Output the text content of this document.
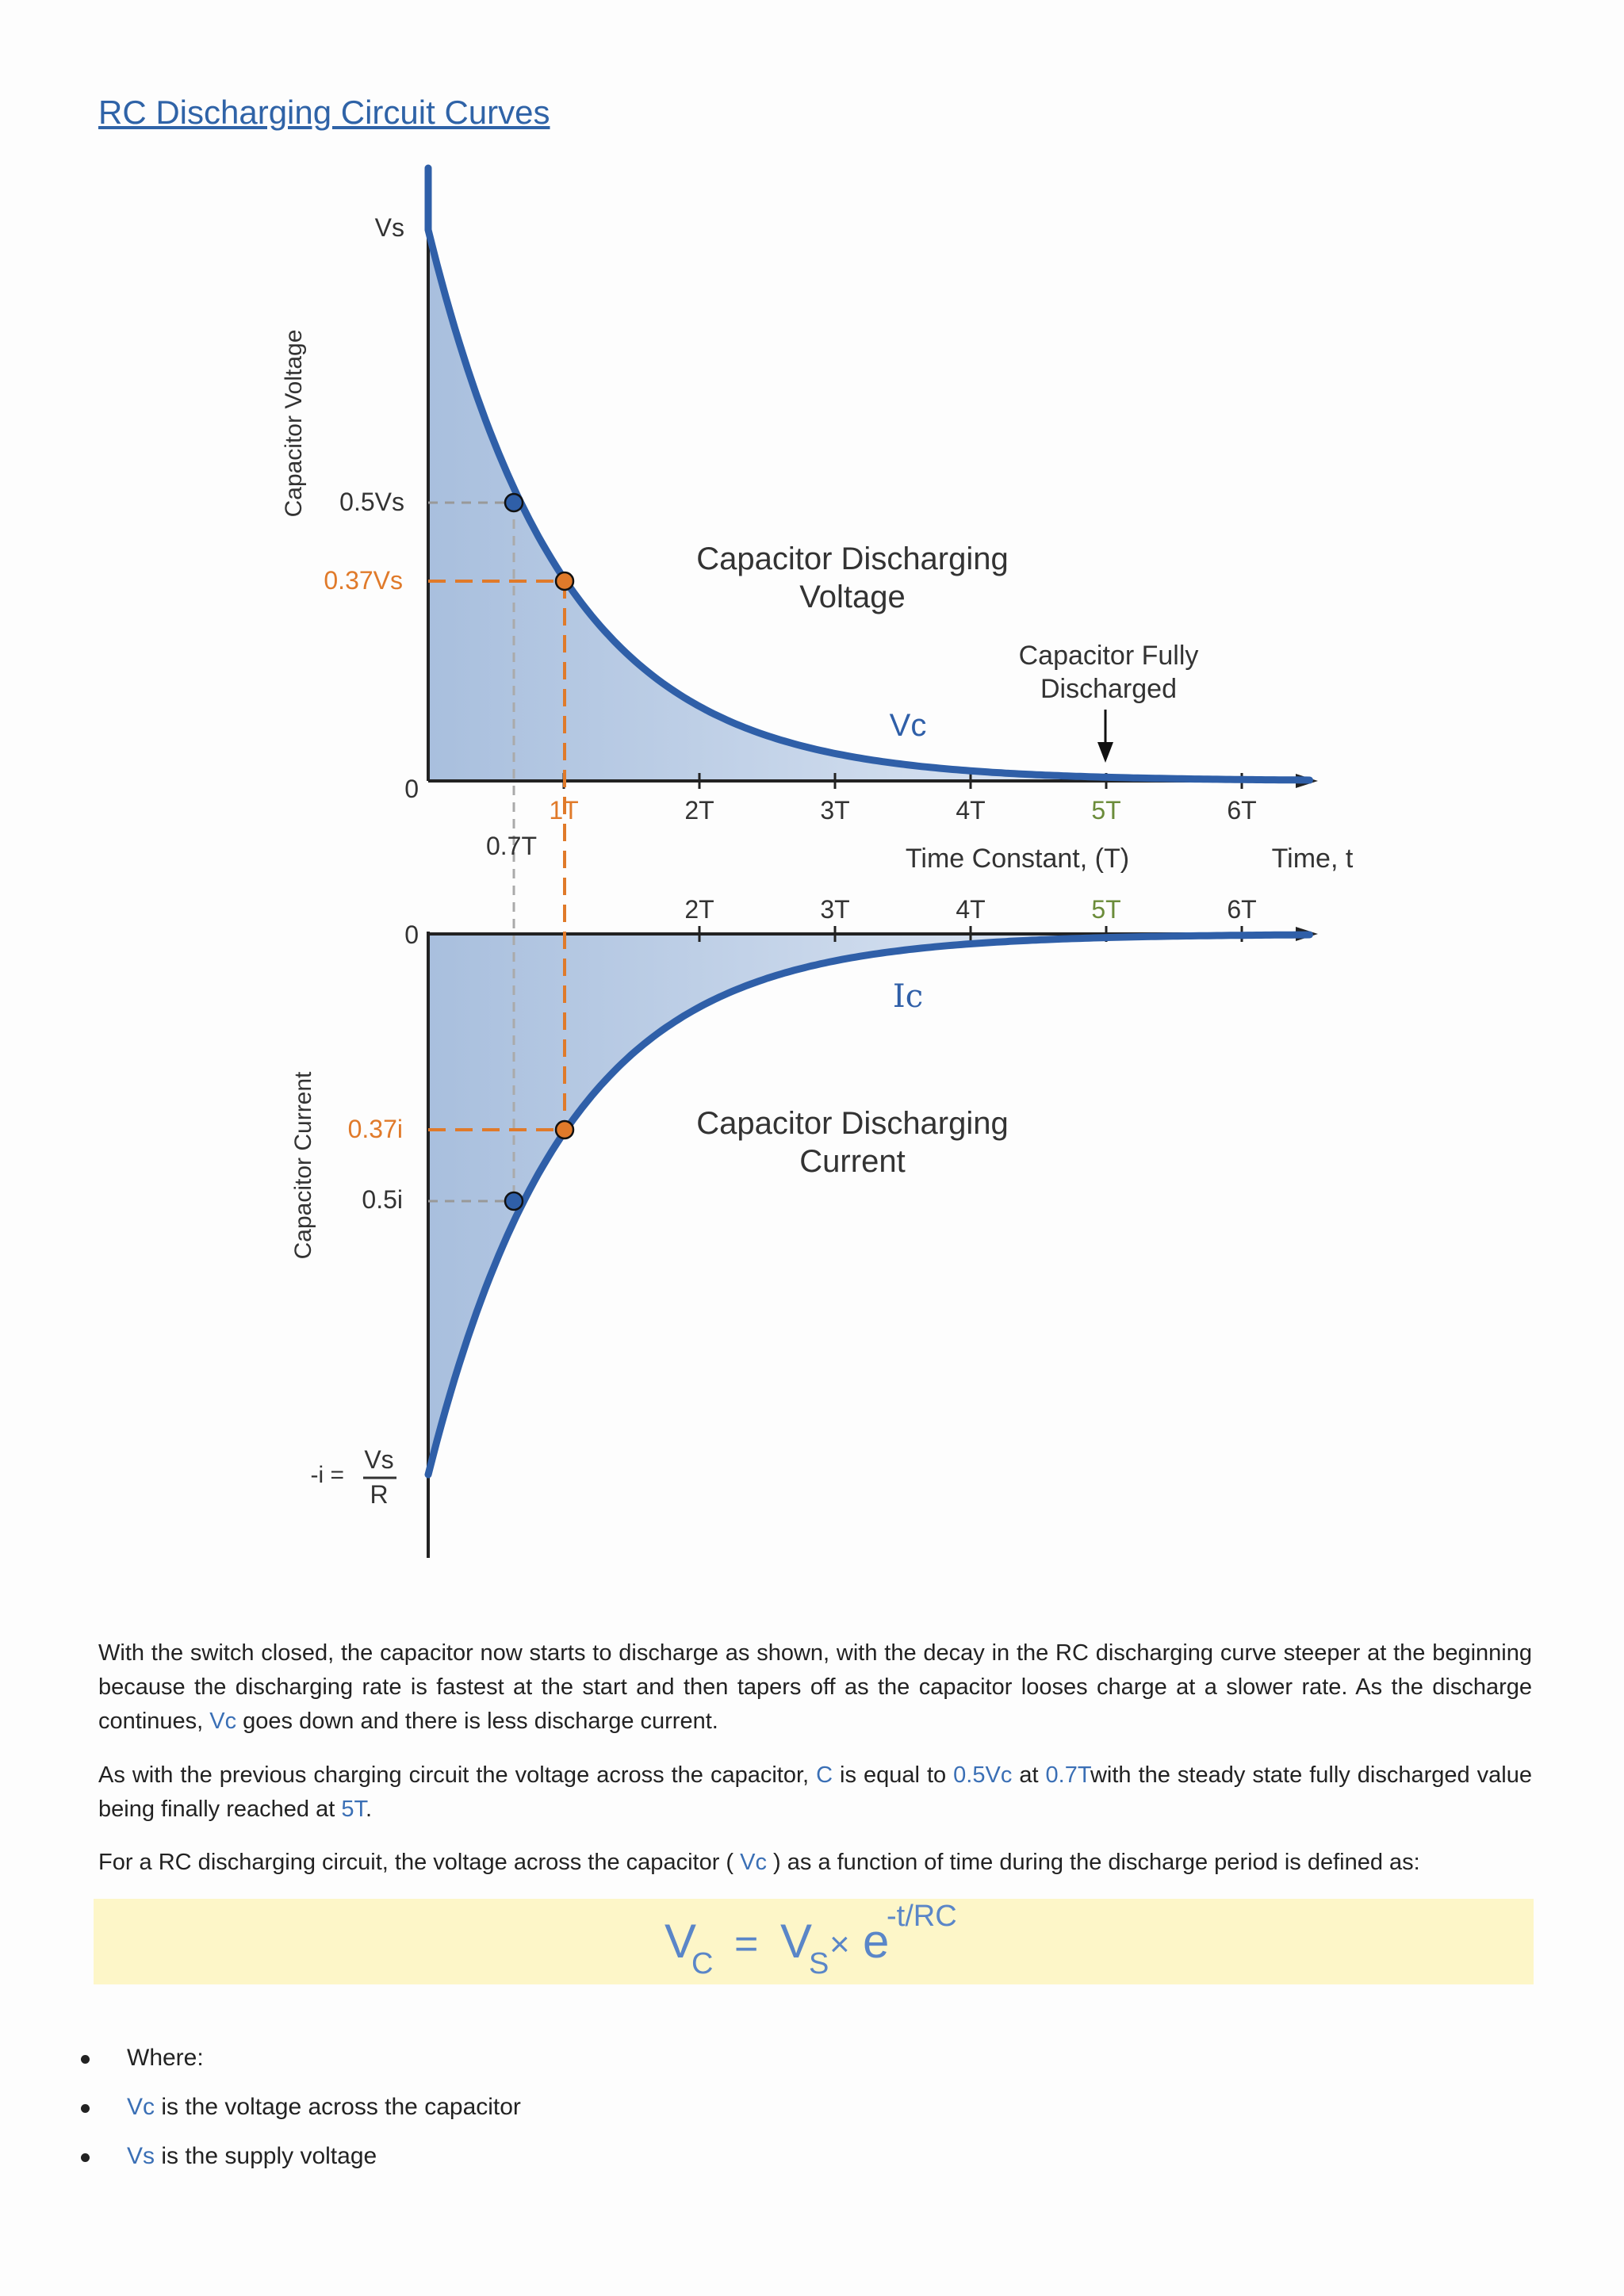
RC Discharging Circuit Curves
Capacitor Voltage
Vs
0.5Vs
0.37Vs
0
Capacitor Discharging
Voltage
Vc
Capacitor Fully
Discharged
1T	2T	3T	4T	5T	6T
0.7T	Time Constant, (T)	Time, t
2T	3T	4T	5T	6T
0
Capacitor Current 0.37i
0.5i
-i =
Vs
R
Capacitor Discharging
Current
Ic

With the switch closed, the capacitor now starts to discharge as shown, with the decay in the RC discharging curve steeper at the beginning because the discharging rate is fastest at the start and then tapers off as the capacitor looses charge at a slower rate. As the discharge continues, Vc goes down and there is less discharge current.

As with the previous charging circuit the voltage across the capacitor, C is equal to 0.5Vc at 0.7Twith the steady state fully discharged value being finally reached at 5T.

For a RC discharging circuit, the voltage across the capacitor ( Vc ) as a function of time during the discharge period is defined as:

V
C = V
S × e
-t/RC
Where:
Vc is the voltage across the capacitor
Vs is the supply voltage
